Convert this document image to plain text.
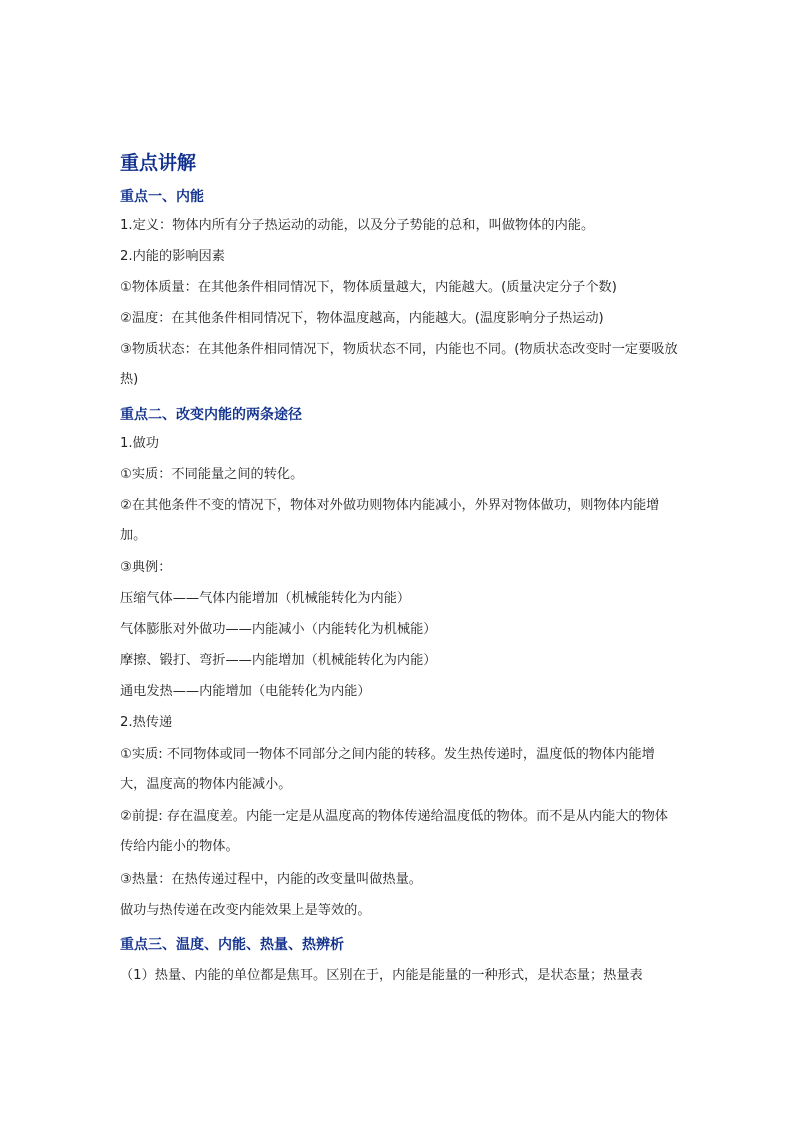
重点讲解
重点一、内能
1.定义：物体内所有分子热运动的动能，以及分子势能的总和，叫做物体的内能。
2.内能的影响因素
①物体质量：在其他条件相同情况下，物体质量越大，内能越大。(质量决定分子个数)
②温度：在其他条件相同情况下，物体温度越高，内能越大。(温度影响分子热运动)
③物质状态：在其他条件相同情况下，物质状态不同，内能也不同。(物质状态改变时一定要吸放热)
重点二、改变内能的两条途径
1.做功
①实质：不同能量之间的转化。
②在其他条件不变的情况下，物体对外做功则物体内能减小，外界对物体做功，则物体内能增加。
③典例：
压缩气体——气体内能增加（机械能转化为内能）
气体膨胀对外做功——内能减小（内能转化为机械能）
摩擦、锻打、弯折——内能增加（机械能转化为内能）
通电发热——内能增加（电能转化为内能）
2.热传递
①实质: 不同物体或同一物体不同部分之间内能的转移。发生热传递时，温度低的物体内能增大，温度高的物体内能减小。
②前提: 存在温度差。内能一定是从温度高的物体传递给温度低的物体。而不是从内能大的物体传给内能小的物体。
③热量：在热传递过程中，内能的改变量叫做热量。
做功与热传递在改变内能效果上是等效的。
重点三、温度、内能、热量、热辨析
（1）热量、内能的单位都是焦耳。区别在于，内能是能量的一种形式，是状态量；热量表
